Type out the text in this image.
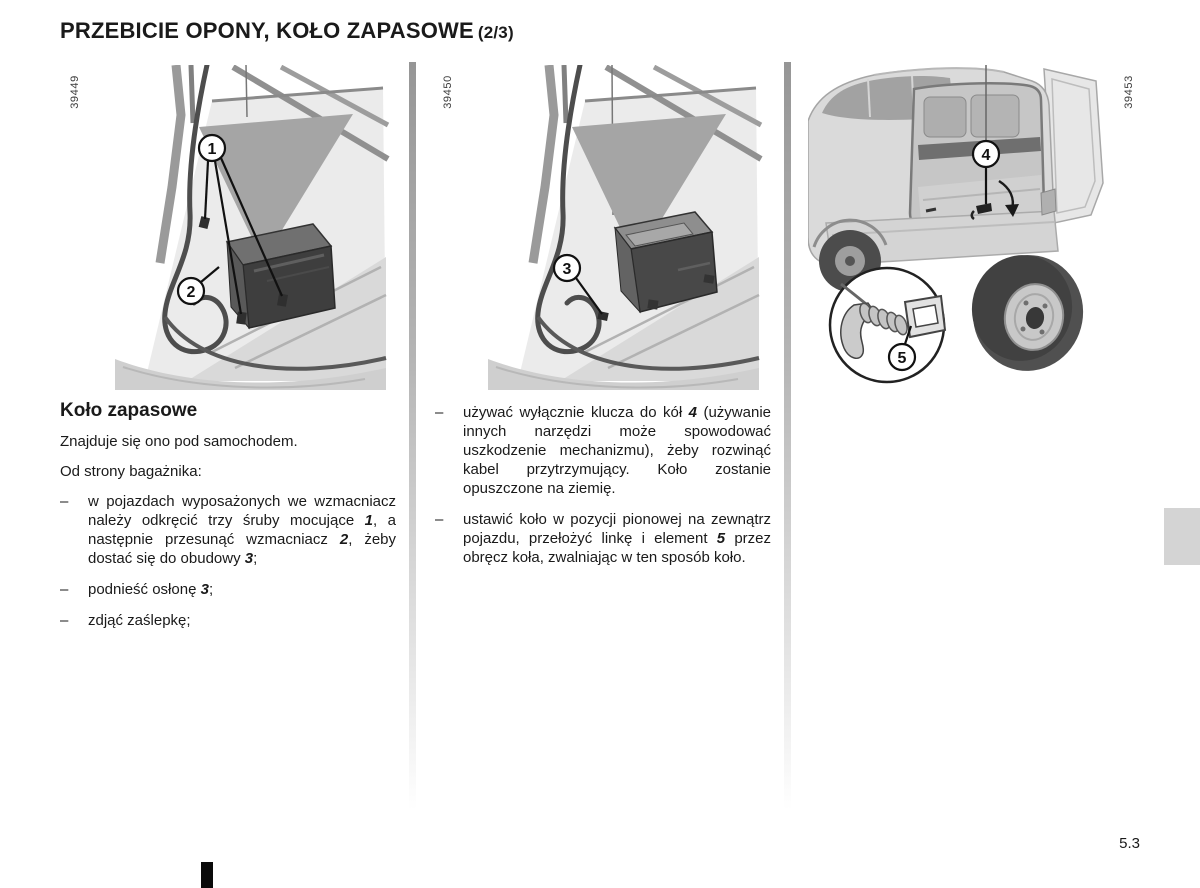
PRZEBICIE OPONY, KOŁO ZAPASOWE (2/3)
39449
1
2
39450
3
4
5
39453
Koło zapasowe

Znajduje się ono pod samochodem.

Od strony bagażnika:

–	w pojazdach wyposażonych we wzmacniacz należy odkręcić trzy śruby mocujące 1, a następnie przesunąć wzmacniacz 2, żeby dostać się do obudowy 3;
–	podnieść osłonę 3;
–	zdjąć zaślepkę;
–	używać wyłącznie klucza do kół 4 (używanie innych narzędzi może spowodować uszkodzenie mechanizmu), żeby rozwinąć kabel przytrzymujący. Koło zostanie opuszczone na ziemię.
–	ustawić koło w pozycji pionowej na zewnątrz pojazdu, przełożyć linkę i element 5 przez obręcz koła, zwalniając w ten sposób koło.
5.3
